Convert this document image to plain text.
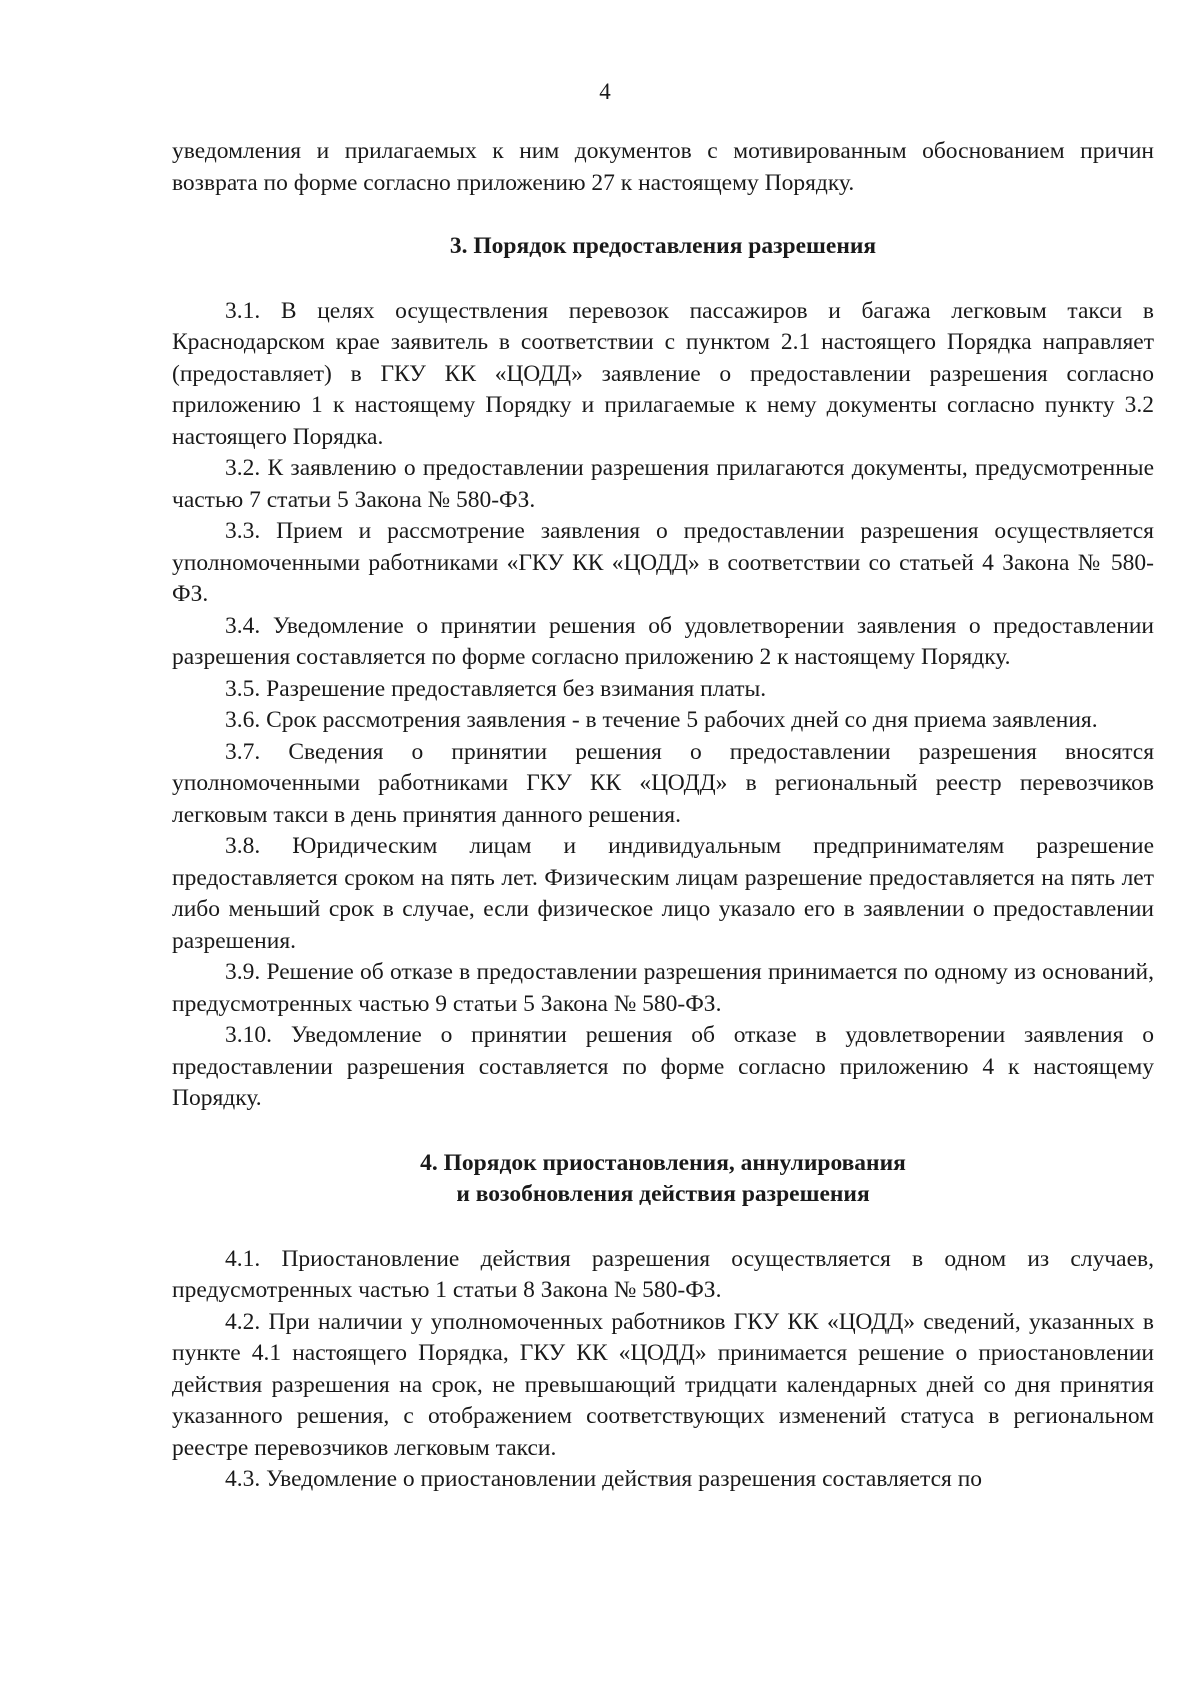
4

уведомления и прилагаемых к ним документов с мотивированным обоснованием причин возврата по форме согласно приложению 27 к настоящему Порядку.

3. Порядок предоставления разрешения

3.1. В целях осуществления перевозок пассажиров и багажа легковым такси в Краснодарском крае заявитель в соответствии с пунктом 2.1 настоящего Порядка направляет (предоставляет) в ГКУ КК «ЦОДД» заявление о предоставлении разрешения согласно приложению 1 к настоящему Порядку и прилагаемые к нему документы согласно пункту 3.2 настоящего Порядка.

3.2. К заявлению о предоставлении разрешения прилагаются документы, предусмотренные частью 7 статьи 5 Закона № 580-ФЗ.

3.3. Прием и рассмотрение заявления о предоставлении разрешения осуществляется уполномоченными работниками «ГКУ КК «ЦОДД» в соответствии со статьей 4 Закона № 580-ФЗ.

3.4. Уведомление о принятии решения об удовлетворении заявления о предоставлении разрешения составляется по форме согласно приложению 2 к настоящему Порядку.

3.5. Разрешение предоставляется без взимания платы.

3.6. Срок рассмотрения заявления - в течение 5 рабочих дней со дня приема заявления.

3.7. Сведения о принятии решения о предоставлении разрешения вносятся уполномоченными работниками ГКУ КК «ЦОДД» в региональный реестр перевозчиков легковым такси в день принятия данного решения.

3.8. Юридическим лицам и индивидуальным предпринимателям разрешение предоставляется сроком на пять лет. Физическим лицам разрешение предоставляется на пять лет либо меньший срок в случае, если физическое лицо указало его в заявлении о предоставлении разрешения.

3.9. Решение об отказе в предоставлении разрешения принимается по одному из оснований, предусмотренных частью 9 статьи 5 Закона № 580-ФЗ.

3.10. Уведомление о принятии решения об отказе в удовлетворении заявления о предоставлении разрешения составляется по форме согласно приложению 4 к настоящему Порядку.

4. Порядок приостановления, аннулирования
и возобновления действия разрешения

4.1. Приостановление действия разрешения осуществляется в одном из случаев, предусмотренных частью 1 статьи 8 Закона № 580-ФЗ.

4.2. При наличии у уполномоченных работников ГКУ КК «ЦОДД» сведений, указанных в пункте 4.1 настоящего Порядка, ГКУ КК «ЦОДД» принимается решение о приостановлении действия разрешения на срок, не превышающий тридцати календарных дней со дня принятия указанного решения, с отображением соответствующих изменений статуса в региональном реестре перевозчиков легковым такси.

4.3. Уведомление о приостановлении действия разрешения составляется по
